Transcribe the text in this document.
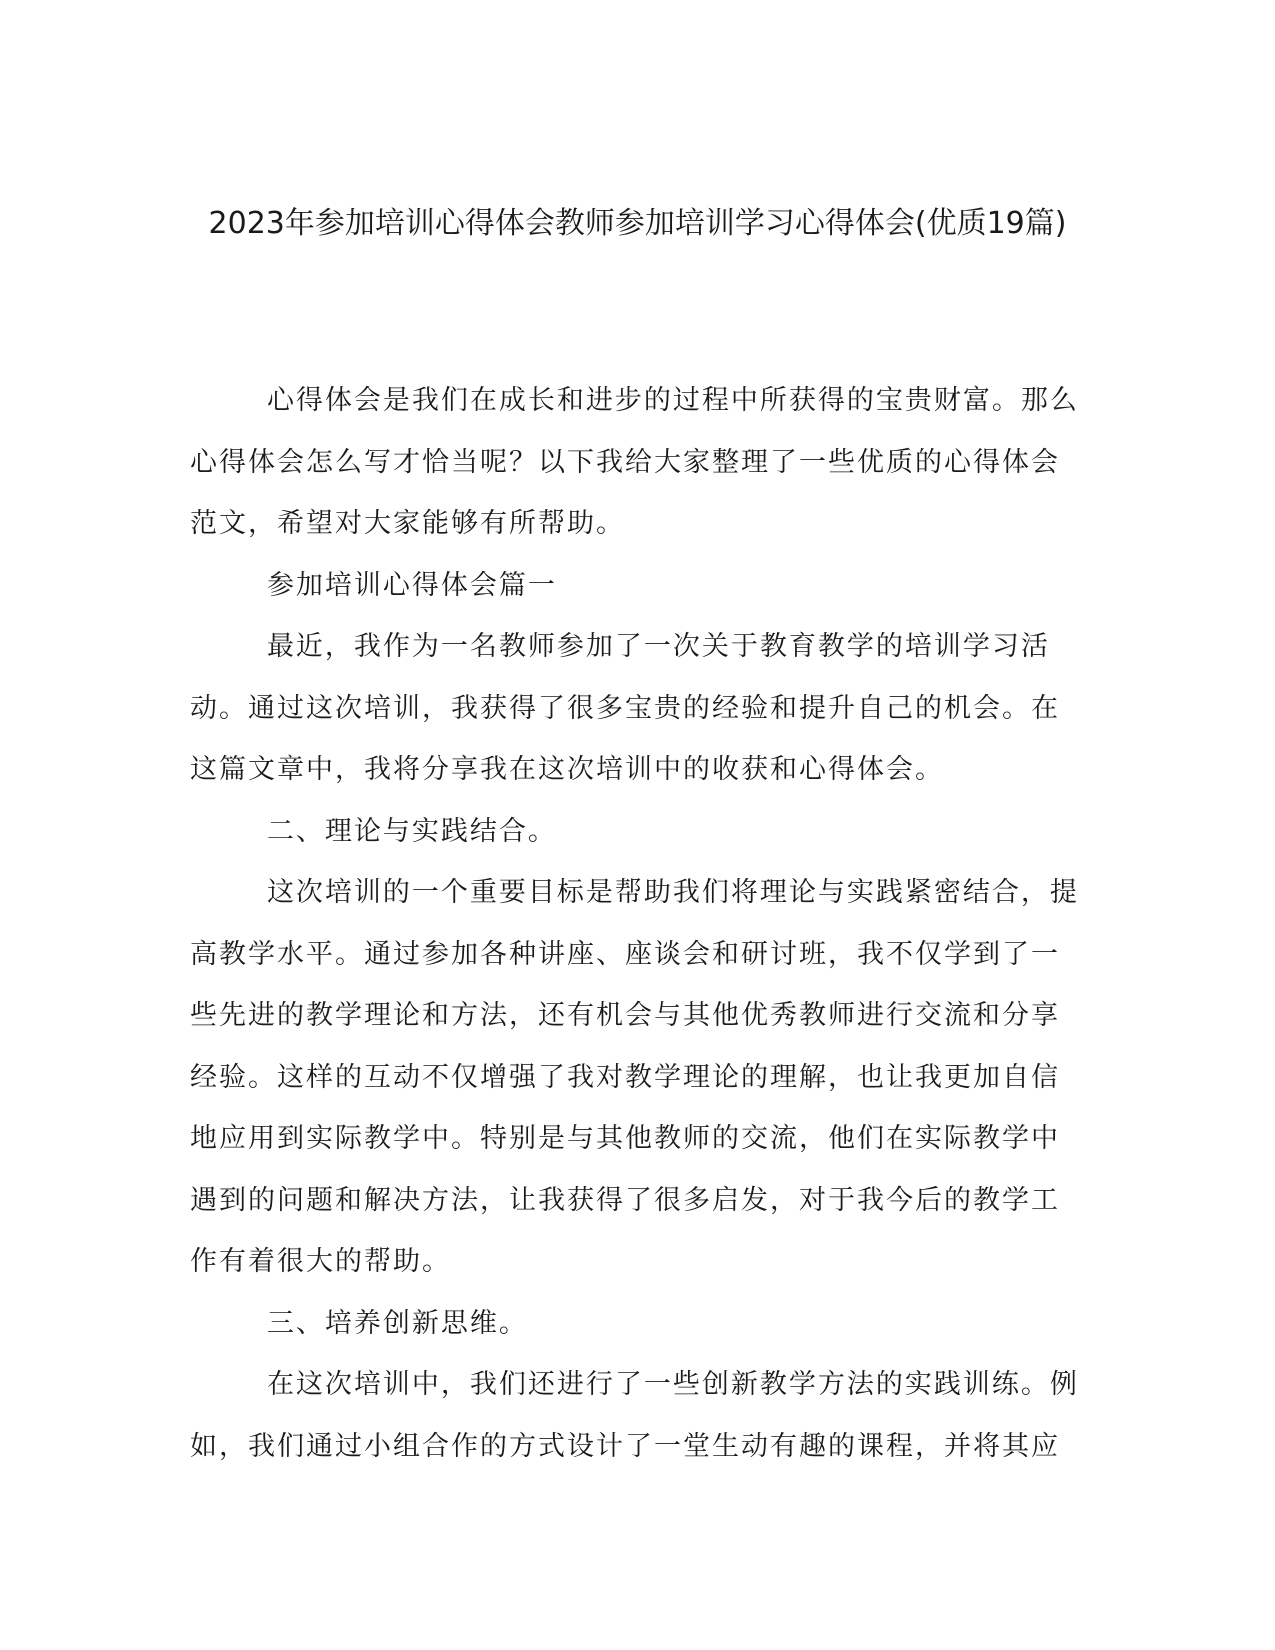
2023年参加培训心得体会教师参加培训学习心得体会(优质19篇)

心得体会是我们在成长和进步的过程中所获得的宝贵财富。那么心得体会怎么写才恰当呢？以下我给大家整理了一些优质的心得体会范文，希望对大家能够有所帮助。

参加培训心得体会篇一

最近，我作为一名教师参加了一次关于教育教学的培训学习活动。通过这次培训，我获得了很多宝贵的经验和提升自己的机会。在这篇文章中，我将分享我在这次培训中的收获和心得体会。

二、理论与实践结合。

这次培训的一个重要目标是帮助我们将理论与实践紧密结合，提高教学水平。通过参加各种讲座、座谈会和研讨班，我不仅学到了一些先进的教学理论和方法，还有机会与其他优秀教师进行交流和分享经验。这样的互动不仅增强了我对教学理论的理解，也让我更加自信地应用到实际教学中。特别是与其他教师的交流，他们在实际教学中遇到的问题和解决方法，让我获得了很多启发，对于我今后的教学工作有着很大的帮助。

三、培养创新思维。

在这次培训中，我们还进行了一些创新教学方法的实践训练。例如，我们通过小组合作的方式设计了一堂生动有趣的课程，并将其应
